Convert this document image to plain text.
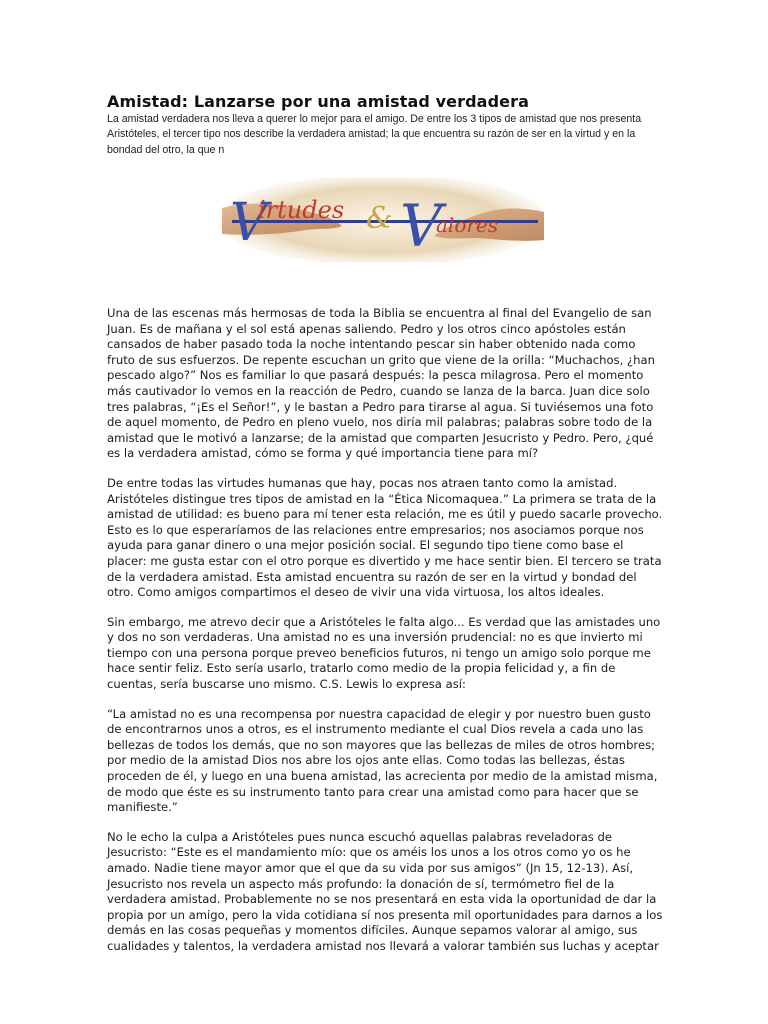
Amistad: Lanzarse por una amistad verdadera

La amistad verdadera nos lleva a querer lo mejor para el amigo. De entre los 3 tipos de amistad que nos presenta Aristóteles, el tercer tipo nos describe la verdadera amistad; la que encuentra su razón de ser en la virtud y en la bondad del otro, la que n

V
irtudes & V
alores

Una de las escenas más hermosas de toda la Biblia se encuentra al final del Evangelio de san Juan. Es de mañana y el sol está apenas saliendo. Pedro y los otros cinco apóstoles están cansados de haber pasado toda la noche intentando pescar sin haber obtenido nada como fruto de sus esfuerzos. De repente escuchan un grito que viene de la orilla: “Muchachos, ¿han pescado algo?” Nos es familiar lo que pasará después: la pesca milagrosa. Pero el momento más cautivador lo vemos en la reacción de Pedro, cuando se lanza de la barca. Juan dice solo tres palabras, “¡Es el Señor!”, y le bastan a Pedro para tirarse al agua. Si tuviésemos una foto de aquel momento, de Pedro en pleno vuelo, nos diría mil palabras; palabras sobre todo de la amistad que le motivó a lanzarse; de la amistad que comparten Jesucristo y Pedro. Pero, ¿qué es la verdadera amistad, cómo se forma y qué importancia tiene para mí?

De entre todas las virtudes humanas que hay, pocas nos atraen tanto como la amistad. Aristóteles distingue tres tipos de amistad en la “Ética Nicomaquea.” La primera se trata de la amistad de utilidad: es bueno para mí tener esta relación, me es útil y puedo sacarle provecho. Esto es lo que esperaríamos de las relaciones entre empresarios; nos asociamos porque nos ayuda para ganar dinero o una mejor posición social. El segundo tipo tiene como base el placer: me gusta estar con el otro porque es divertido y me hace sentir bien. El tercero se trata de la verdadera amistad. Esta amistad encuentra su razón de ser en la virtud y bondad del otro. Como amigos compartimos el deseo de vivir una vida virtuosa, los altos ideales.

Sin embargo, me atrevo decir que a Aristóteles le falta algo... Es verdad que las amistades uno y dos no son verdaderas. Una amistad no es una inversión prudencial: no es que invierto mi tiempo con una persona porque preveo beneficios futuros, ni tengo un amigo solo porque me hace sentir feliz. Esto sería usarlo, tratarlo como medio de la propia felicidad y, a fin de cuentas, sería buscarse uno mismo. C.S. Lewis lo expresa así:

“La amistad no es una recompensa por nuestra capacidad de elegir y por nuestro buen gusto de encontrarnos unos a otros, es el instrumento mediante el cual Dios revela a cada uno las bellezas de todos los demás, que no son mayores que las bellezas de miles de otros hombres; por medio de la amistad Dios nos abre los ojos ante ellas. Como todas las bellezas, éstas proceden de él, y luego en una buena amistad, las acrecienta por medio de la amistad misma, de modo que éste es su instrumento tanto para crear una amistad como para hacer que se manifieste.”

No le echo la culpa a Aristóteles pues nunca escuchó aquellas palabras reveladoras de Jesucristo: “Este es el mandamiento mío: que os améis los unos a los otros como yo os he amado. Nadie tiene mayor amor que el que da su vida por sus amigos” (Jn 15, 12-13). Así, Jesucristo nos revela un aspecto más profundo: la donación de sí, termómetro fiel de la verdadera amistad. Probablemente no se nos presentará en esta vida la oportunidad de dar la propia por un amigo, pero la vida cotidiana sí nos presenta mil oportunidades para darnos a los demás en las cosas pequeñas y momentos difíciles. Aunque sepamos valorar al amigo, sus cualidades y talentos, la verdadera amistad nos llevará a valorar también sus luchas y aceptar
